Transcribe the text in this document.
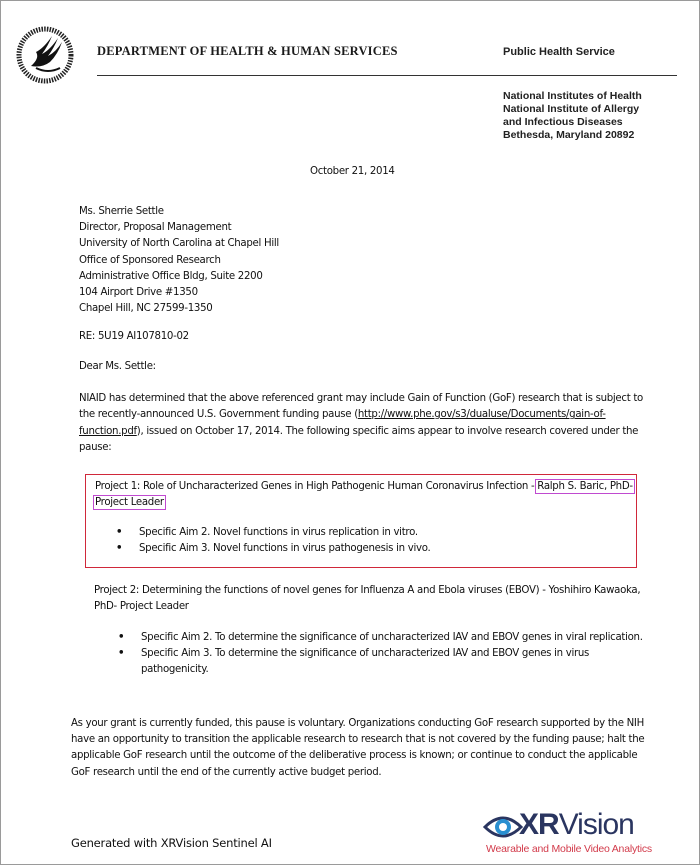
DEPARTMENT OF HEALTH & HUMAN SERVICES	Public Health Service
National Institutes of Health
National Institute of Allergy
and Infectious Diseases
Bethesda, Maryland 20892
October 21, 2014
Ms. Sherrie Settle
Director, Proposal Management
University of North Carolina at Chapel Hill
Office of Sponsored Research
Administrative Office Bldg, Suite 2200
104 Airport Drive #1350
Chapel Hill, NC 27599-1350
RE: 5U19 AI107810-02
Dear Ms. Settle:
NIAID has determined that the above referenced grant may include Gain of Function (GoF) research that is subject to the recently-announced U.S. Government funding pause (http://www.phe.gov/s3/dualuse/Documents/gain-of-function.pdf), issued on October 17, 2014. The following specific aims appear to involve research covered under the pause:
Project 1: Role of Uncharacterized Genes in High Pathogenic Human Coronavirus Infection - Ralph S. Baric, PhD- Project Leader
• Specific Aim 2. Novel functions in virus replication in vitro.
• Specific Aim 3. Novel functions in virus pathogenesis in vivo.
Project 2: Determining the functions of novel genes for Influenza A and Ebola viruses (EBOV) - Yoshihiro Kawaoka, PhD- Project Leader
• Specific Aim 2. To determine the significance of uncharacterized IAV and EBOV genes in viral replication.
• Specific Aim 3. To determine the significance of uncharacterized IAV and EBOV genes in virus pathogenicity.
As your grant is currently funded, this pause is voluntary. Organizations conducting GoF research supported by the NIH have an opportunity to transition the applicable research to research that is not covered by the funding pause; halt the applicable GoF research until the outcome of the deliberative process is known; or continue to conduct the applicable GoF research until the end of the currently active budget period.
Generated with XRVision Sentinel AI
XRVision
Wearable and Mobile Video Analytics
